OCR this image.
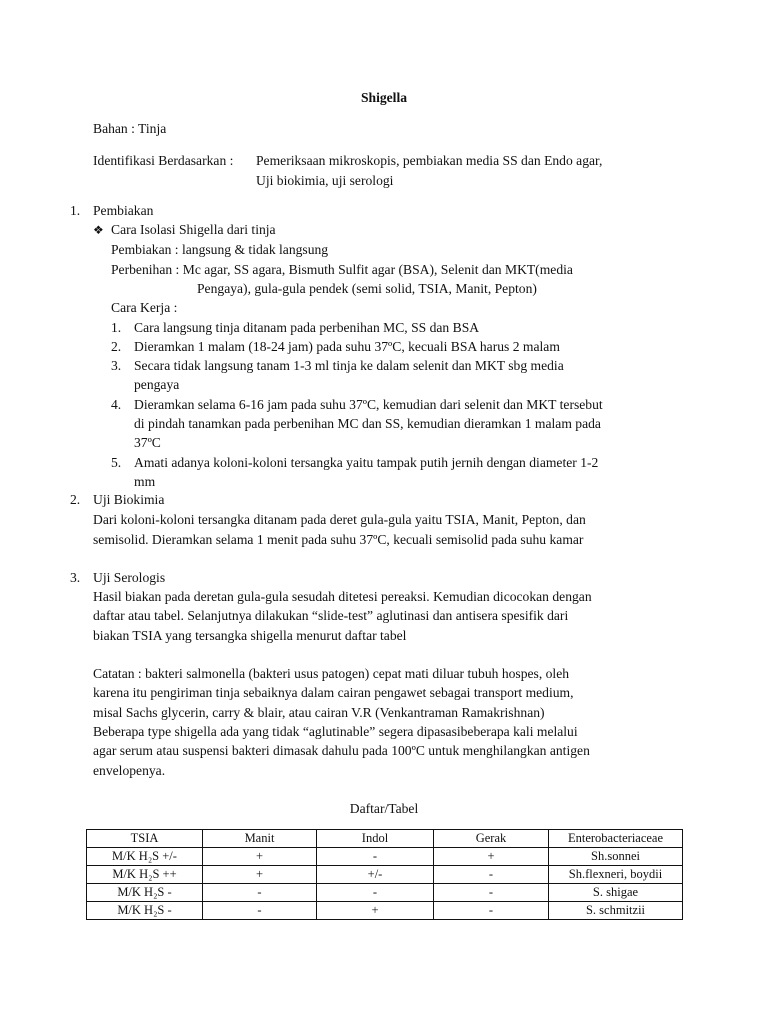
Shigella
Bahan : Tinja
Identifikasi Berdasarkan : Pemeriksaan mikroskopis, pembiakan media SS dan Endo agar,
Uji biokimia, uji serologi
1. Pembiakan
❖ Cara Isolasi Shigella dari tinja
Pembiakan : langsung & tidak langsung
Perbenihan : Mc agar, SS agara, Bismuth Sulfit agar (BSA), Selenit dan MKT(media
Pengaya), gula-gula pendek (semi solid, TSIA, Manit, Pepton)
Cara Kerja :
1. Cara langsung tinja ditanam pada perbenihan MC, SS dan BSA
2. Dieramkan 1 malam (18-24 jam) pada suhu 37ºC, kecuali BSA harus 2 malam
3. Secara tidak langsung tanam 1-3 ml tinja ke dalam selenit dan MKT sbg media
pengaya
4. Dieramkan selama 6-16 jam pada suhu 37ºC, kemudian dari selenit dan MKT tersebut
di pindah tanamkan pada perbenihan MC dan SS, kemudian dieramkan 1 malam pada
37ºC
5. Amati adanya koloni-koloni tersangka yaitu tampak putih jernih dengan diameter 1-2
mm
2. Uji Biokimia
Dari koloni-koloni tersangka ditanam pada deret gula-gula yaitu TSIA, Manit, Pepton, dan
semisolid. Dieramkan selama 1 menit pada suhu 37ºC, kecuali semisolid pada suhu kamar
3. Uji Serologis
Hasil biakan pada deretan gula-gula sesudah ditetesi pereaksi. Kemudian dicocokan dengan
daftar atau tabel. Selanjutnya dilakukan “slide-test” aglutinasi dan antisera spesifik dari
biakan TSIA yang tersangka shigella menurut daftar tabel
Catatan : bakteri salmonella (bakteri usus patogen) cepat mati diluar tubuh hospes, oleh
karena itu pengiriman tinja sebaiknya dalam cairan pengawet sebagai transport medium,
misal Sachs glycerin, carry & blair, atau cairan V.R (Venkantraman Ramakrishnan)
Beberapa type shigella ada yang tidak “aglutinable” segera dipasasibeberapa kali melalui
agar serum atau suspensi bakteri dimasak dahulu pada 100ºC untuk menghilangkan antigen
envelopenya.
Daftar/Tabel
TSIA	Manit	Indol	Gerak	Enterobacteriaceae
M/K H₂S +/-	+	-	+	Sh.sonnei
M/K H₂S ++	+	+/-	-	Sh.flexneri, boydii
M/K H₂S -	-	-	-	S. shigae
M/K H₂S -	-	+	-	S. schmitzii
